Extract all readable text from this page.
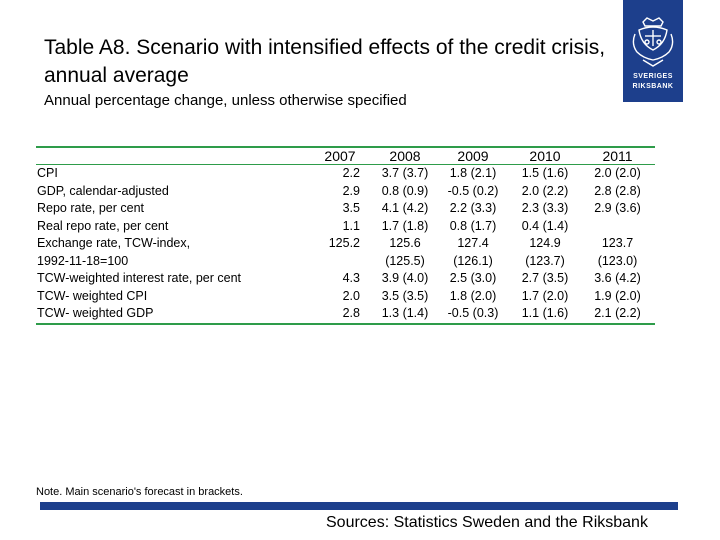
Table A8. Scenario with intensified effects of the credit crisis, annual average
Annual percentage change, unless otherwise specified
SVERIGES
RIKSBANK
	2007	2008	2009	2010	2011
CPI	2.2	3.7 (3.7)	1.8 (2.1)	1.5 (1.6)	2.0 (2.0)
GDP, calendar-adjusted	2.9	0.8 (0.9)	-0.5 (0.2)	2.0 (2.2)	2.8 (2.8)
Repo rate, per cent	3.5	4.1 (4.2)	2.2 (3.3)	2.3 (3.3)	2.9 (3.6)
Real repo rate, per cent	1.1	1.7 (1.8)	0.8 (1.7)	0.4 (1.4)	
Exchange rate, TCW-index,	125.2	125.6	127.4	124.9	123.7
1992-11-18=100		(125.5)	(126.1)	(123.7)	(123.0)
TCW-weighted interest rate, per cent	4.3	3.9 (4.0)	2.5 (3.0)	2.7 (3.5)	3.6 (4.2)
TCW- weighted CPI	2.0	3.5 (3.5)	1.8 (2.0)	1.7 (2.0)	1.9 (2.0)
TCW- weighted GDP	2.8	1.3 (1.4)	-0.5 (0.3)	1.1 (1.6)	2.1 (2.2)
Note. Main scenario's forecast in brackets.
Sources: Statistics Sweden and the Riksbank
